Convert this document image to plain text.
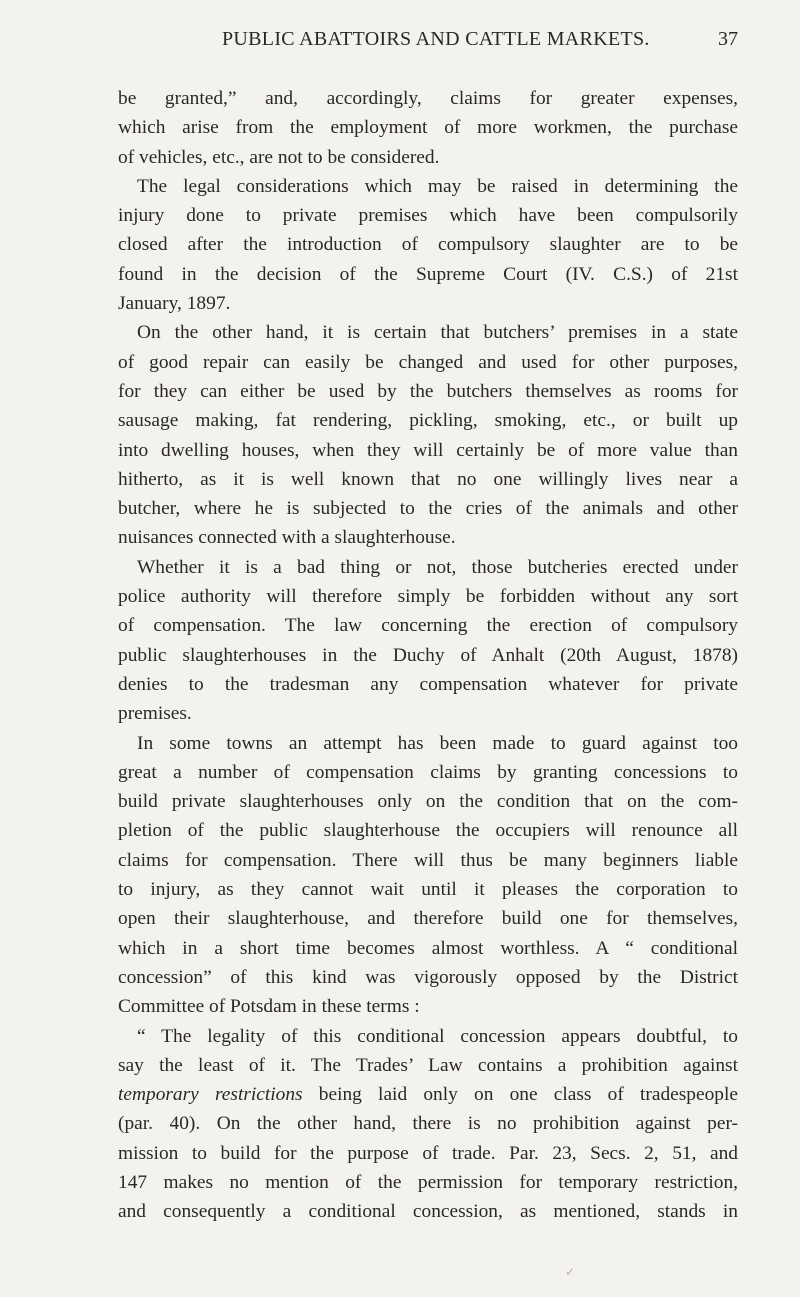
PUBLIC ABATTOIRS AND CATTLE MARKETS.	37
be granted,” and, accordingly, claims for greater expenses,
which arise from the employment of more workmen, the purchase
of vehicles, etc., are not to be considered.
The legal considerations which may be raised in determining the
injury done to private premises which have been compulsorily
closed after the introduction of compulsory slaughter are to be
found in the decision of the Supreme Court (IV. C.S.) of 21st
January, 1897.
On the other hand, it is certain that butchers’ premises in a state
of good repair can easily be changed and used for other purposes,
for they can either be used by the butchers themselves as rooms for
sausage making, fat rendering, pickling, smoking, etc., or built up
into dwelling houses, when they will certainly be of more value than
hitherto, as it is well known that no one willingly lives near a
butcher, where he is subjected to the cries of the animals and other
nuisances connected with a slaughterhouse.
Whether it is a bad thing or not, those butcheries erected under
police authority will therefore simply be forbidden without any sort
of compensation. The law concerning the erection of compulsory
public slaughterhouses in the Duchy of Anhalt (20th August, 1878)
denies to the tradesman any compensation whatever for private
premises.
In some towns an attempt has been made to guard against too
great a number of compensation claims by granting concessions to
build private slaughterhouses only on the condition that on the com-
pletion of the public slaughterhouse the occupiers will renounce all
claims for compensation. There will thus be many beginners liable
to injury, as they cannot wait until it pleases the corporation to
open their slaughterhouse, and therefore build one for themselves,
which in a short time becomes almost worthless. A “ conditional
concession” of this kind was vigorously opposed by the District
Committee of Potsdam in these terms :
“ The legality of this conditional concession appears doubtful, to
say the least of it. The Trades’ Law contains a prohibition against
temporary restrictions being laid only on one class of tradespeople
(par. 40). On the other hand, there is no prohibition against per-
mission to build for the purpose of trade. Par. 23, Secs. 2, 51, and
147 makes no mention of the permission for temporary restriction,
and consequently a conditional concession, as mentioned, stands in
✓
